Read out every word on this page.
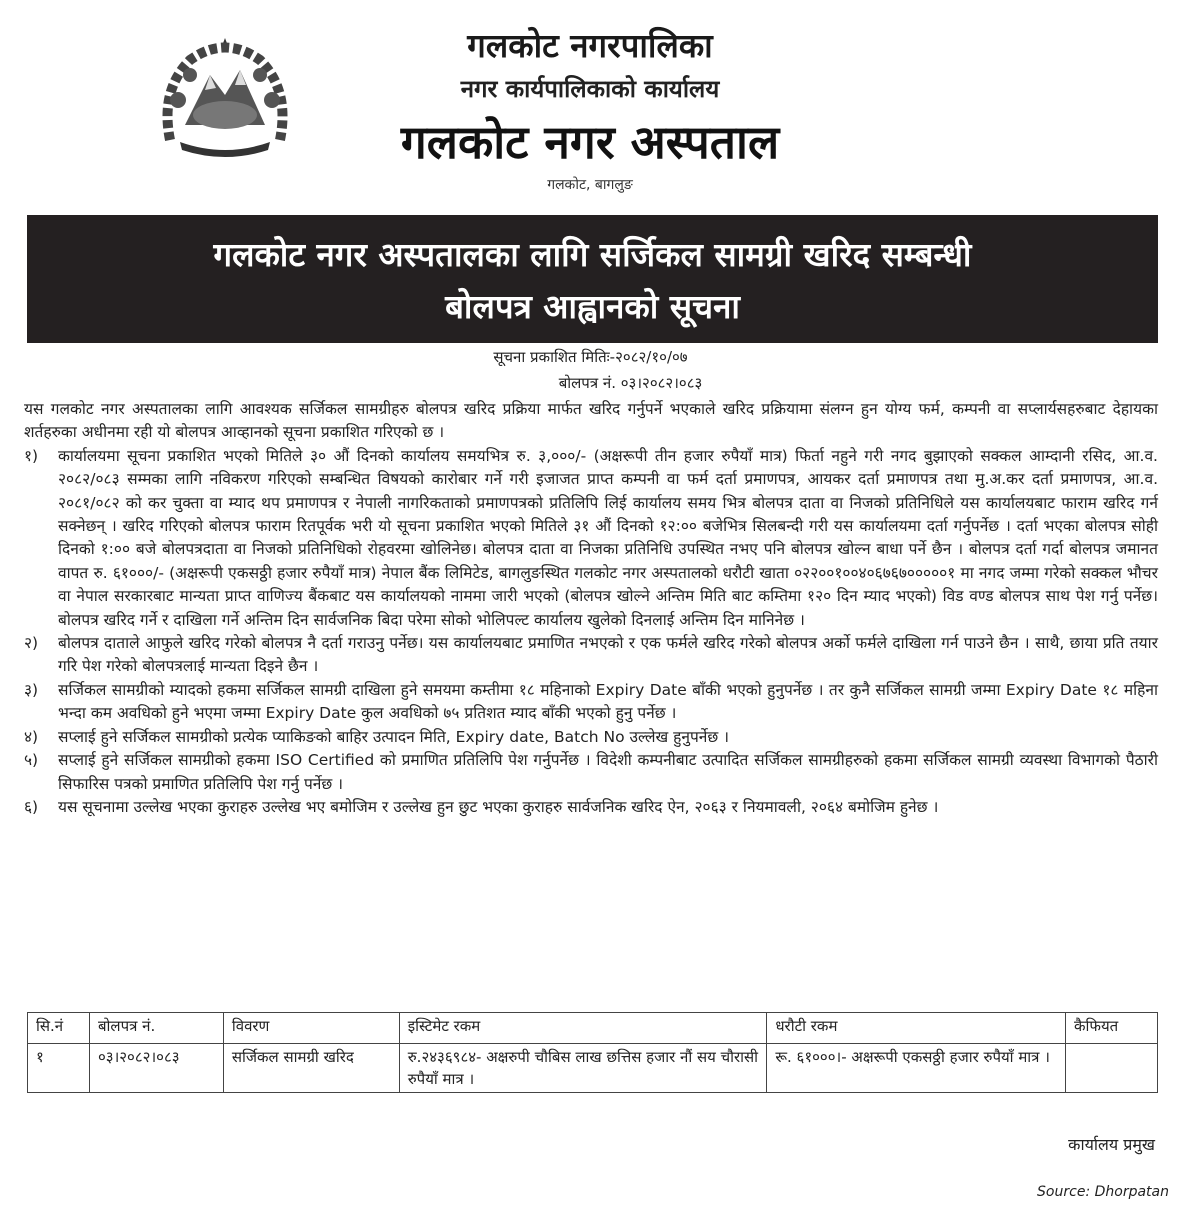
गलकोट नगरपालिका
नगर कार्यपालिकाको कार्यालय
गलकोट नगर अस्पताल
गलकोट, बागलुङ
गलकोट नगर अस्पतालका लागि सर्जिकल सामग्री खरिद सम्बन्धी
बोलपत्र आह्वानको सूचना
सूचना प्रकाशित मितिः-२०८२/१०/०७
बोलपत्र नं. ०३।२०८२।०८३

यस गलकोट नगर अस्पतालका लागि आवश्यक सर्जिकल सामग्रीहरु बोलपत्र खरिद प्रक्रिया मार्फत खरिद गर्नुपर्ने भएकाले खरिद प्रक्रियामा संलग्न हुन योग्य फर्म, कम्पनी वा सप्लार्यसहरुबाट देहायका शर्तहरुका अधीनमा रही यो बोलपत्र आव्हानको सूचना प्रकाशित गरिएको छ ।

१)	कार्यालयमा सूचना प्रकाशित भएको मितिले ३० औं दिनको कार्यालय समयभित्र रु. ३,०००/- (अक्षरूपी तीन हजार रुपैयाँ मात्र) फिर्ता नहुने गरी नगद बुझाएको सक्कल आम्दानी रसिद, आ.व. २०८२/०८३ सम्मका लागि नविकरण गरिएको सम्बन्धित विषयको कारोबार गर्ने गरी इजाजत प्राप्त कम्पनी वा फर्म दर्ता प्रमाणपत्र, आयकर दर्ता प्रमाणपत्र तथा मु.अ.कर दर्ता प्रमाणपत्र, आ.व. २०८१/०८२ को कर चुक्ता वा म्याद थप प्रमाणपत्र र नेपाली नागरिकताको प्रमाणपत्रको प्रतिलिपि लिई कार्यालय समय भित्र बोलपत्र दाता वा निजको प्रतिनिधिले यस कार्यालयबाट फाराम खरिद गर्न सक्नेछन् । खरिद गरिएको बोलपत्र फाराम रितपूर्वक भरी यो सूचना प्रकाशित भएको मितिले ३१ औं दिनको १२:०० बजेभित्र सिलबन्दी गरी यस कार्यालयमा दर्ता गर्नुपर्नेछ । दर्ता भएका बोलपत्र सोही दिनको १:०० बजे बोलपत्रदाता वा निजको प्रतिनिधिको रोहवरमा खोलिनेछ। बोलपत्र दाता वा निजका प्रतिनिधि उपस्थित नभए पनि बोलपत्र खोल्न बाधा पर्ने छैन । बोलपत्र दर्ता गर्दा बोलपत्र जमानत वापत रु. ६१०००/- (अक्षरूपी एकसठ्ठी हजार रुपैयाँ मात्र) नेपाल बैंक लिमिटेड, बागलुङस्थित गलकोट नगर अस्पतालको धरौटी खाता ०२२००१००४०६७६७०००००१ मा नगद जम्मा गरेको सक्कल भौचर वा नेपाल सरकारबाट मान्यता प्राप्त वाणिज्य बैंकबाट यस कार्यालयको नाममा जारी भएको (बोलपत्र खोल्ने अन्तिम मिति बाट कम्तिमा १२० दिन म्याद भएको) विड वण्ड बोलपत्र साथ पेश गर्नु पर्नेछ। बोलपत्र खरिद गर्ने र दाखिला गर्ने अन्तिम दिन सार्वजनिक बिदा परेमा सोको भोलिपल्ट कार्यालय खुलेको दिनलाई अन्तिम दिन मानिनेछ ।
२)	बोलपत्र दाताले आफुले खरिद गरेको बोलपत्र नै दर्ता गराउनु पर्नेछ। यस कार्यालयबाट प्रमाणित नभएको र एक फर्मले खरिद गरेको बोलपत्र अर्को फर्मले दाखिला गर्न पाउने छैन । साथै, छाया प्रति तयार गरि पेश गरेको बोलपत्रलाई मान्यता दिइने छैन ।
३)	सर्जिकल सामग्रीको म्यादको हकमा सर्जिकल सामग्री दाखिला हुने समयमा कम्तीमा १८ महिनाको Expiry Date बाँकी भएको हुनुपर्नेछ । तर कुनै सर्जिकल सामग्री जम्मा Expiry Date १८ महिना भन्दा कम अवधिको हुने भएमा जम्मा Expiry Date कुल अवधिको ७५ प्रतिशत म्याद बाँकी भएको हुनु पर्नेछ ।
४)	सप्लाई हुने सर्जिकल सामग्रीको प्रत्येक प्याकिङको बाहिर उत्पादन मिति, Expiry date, Batch No उल्लेख हुनुपर्नेछ ।
५)	सप्लाई हुने सर्जिकल सामग्रीको हकमा ISO Certified को प्रमाणित प्रतिलिपि पेश गर्नुपर्नेछ । विदेशी कम्पनीबाट उत्पादित सर्जिकल सामग्रीहरुको हकमा सर्जिकल सामग्री व्यवस्था विभागको पैठारी सिफारिस पत्रको प्रमाणित प्रतिलिपि पेश गर्नु पर्नेछ ।
६)	यस सूचनामा उल्लेख भएका कुराहरु उल्लेख भए बमोजिम र उल्लेख हुन छुट भएका कुराहरु सार्वजनिक खरिद ऐन, २०६३ र नियमावली, २०६४ बमोजिम हुनेछ ।
सि.नं	बोलपत्र नं.	विवरण	इस्टिमेट रकम	धरौटी रकम	कैफियत
१	०३।२०८२।०८३	सर्जिकल सामग्री खरिद	रु.२४३६९८४- अक्षरुपी चौबिस लाख छत्तिस हजार नौं सय चौरासी रुपैयाँ मात्र ।	रू. ६१०००।- अक्षरूपी एकसठ्ठी हजार रुपैयाँ मात्र ।	
कार्यालय प्रमुख
Source: Dhorpatan
